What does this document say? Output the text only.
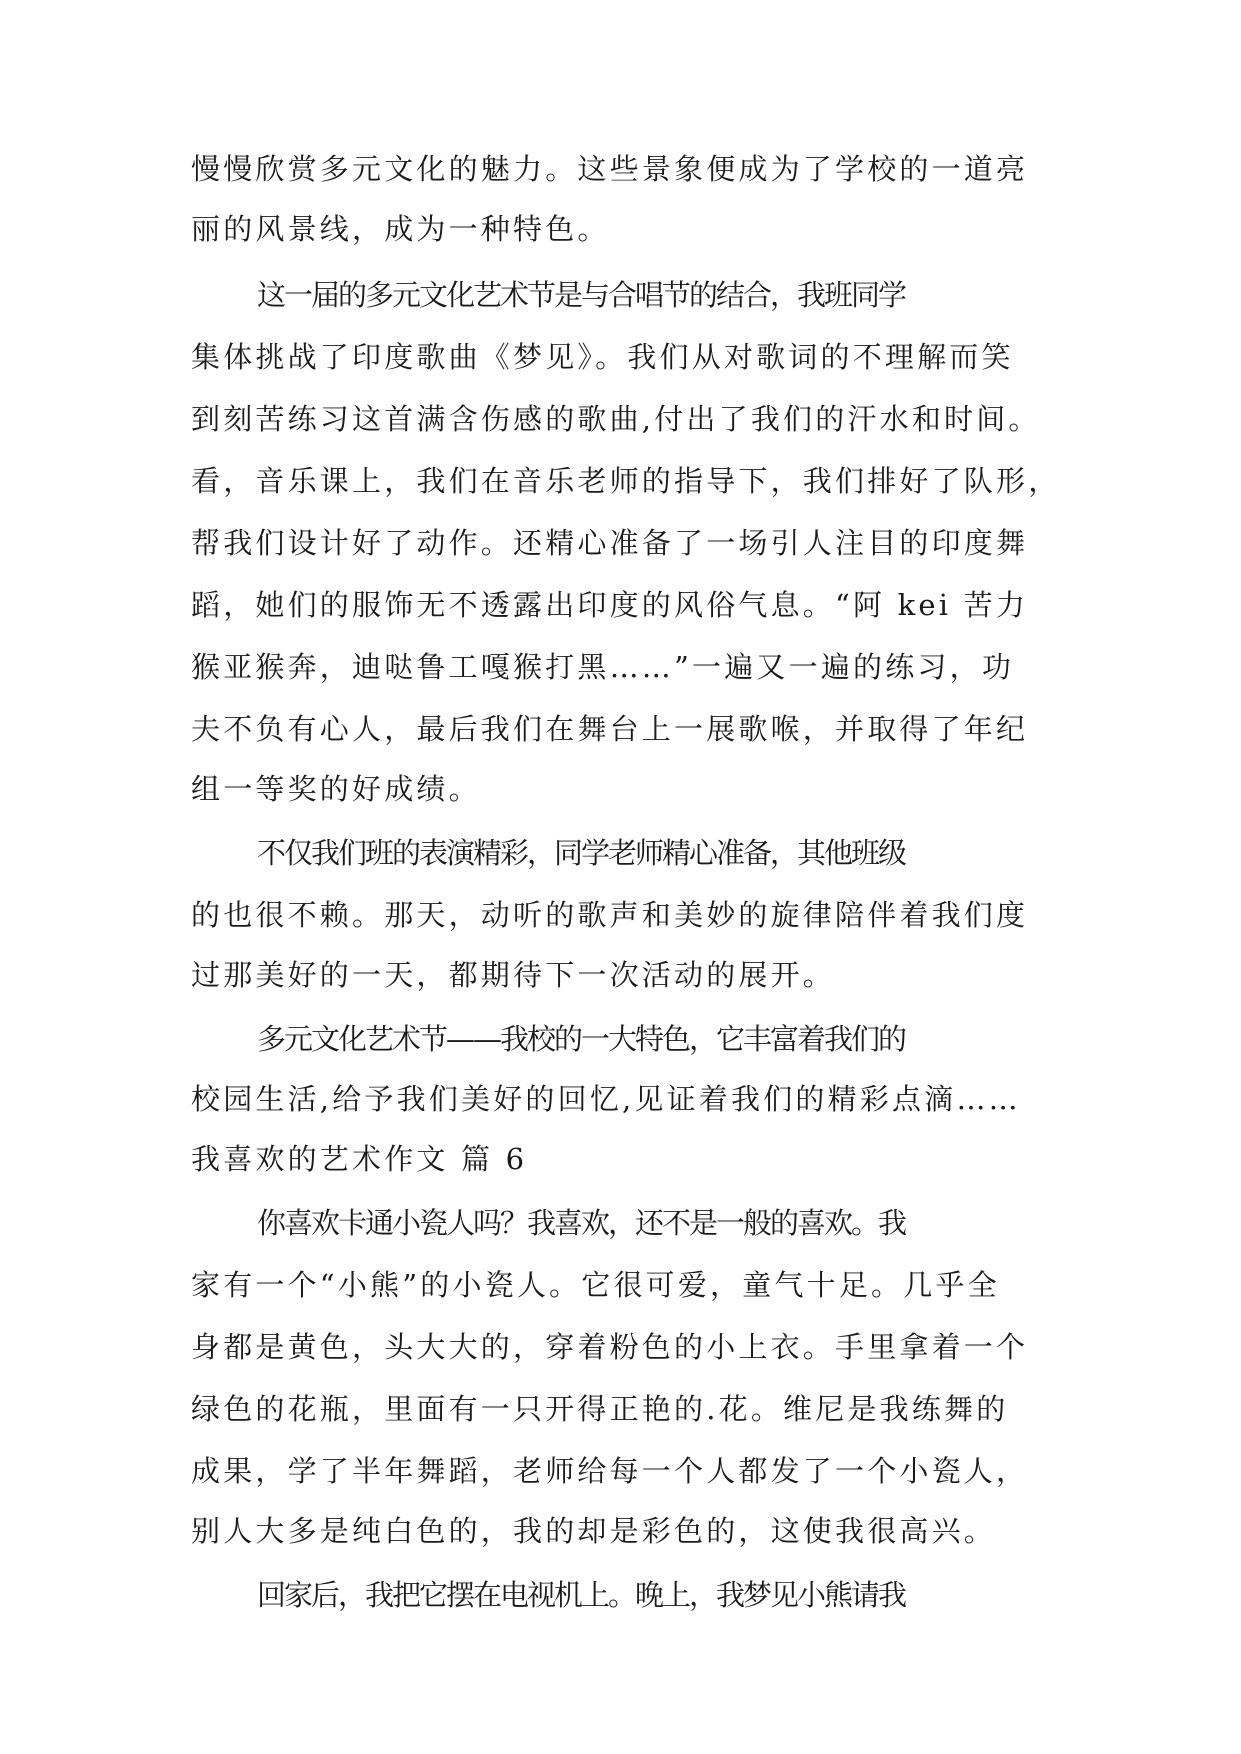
慢慢欣赏多元文化的魅力。这些景象便成为了学校的一道亮
丽的风景线，成为一种特色。
这一届的多元文化艺术节是与合唱节的结合，我班同学
集体挑战了印度歌曲《梦见》。我们从对歌词的不理解而笑
到刻苦练习这首满含伤感的歌曲,付出了我们的汗水和时间。
看，音乐课上，我们在音乐老师的指导下，我们排好了队形，
帮我们设计好了动作。还精心准备了一场引人注目的印度舞
蹈，她们的服饰无不透露出印度的风俗气息。“阿 kei 苦力
猴亚猴奔，迪哒鲁工嘎猴打黑……”一遍又一遍的练习，功
夫不负有心人，最后我们在舞台上一展歌喉，并取得了年纪
组一等奖的好成绩。
不仅我们班的表演精彩，同学老师精心准备，其他班级
的也很不赖。那天，动听的歌声和美妙的旋律陪伴着我们度
过那美好的一天，都期待下一次活动的展开。
多元文化艺术节——我校的一大特色，它丰富着我们的
校园生活,给予我们美好的回忆,见证着我们的精彩点滴……
我喜欢的艺术作文 篇 6
你喜欢卡通小瓷人吗？我喜欢，还不是一般的喜欢。我
家有一个“小熊”的小瓷人。它很可爱，童气十足。几乎全
身都是黄色，头大大的，穿着粉色的小上衣。手里拿着一个
绿色的花瓶，里面有一只开得正艳的.花。维尼是我练舞的
成果，学了半年舞蹈，老师给每一个人都发了一个小瓷人，
别人大多是纯白色的，我的却是彩色的，这使我很高兴。
回家后，我把它摆在电视机上。晚上，我梦见小熊请我
